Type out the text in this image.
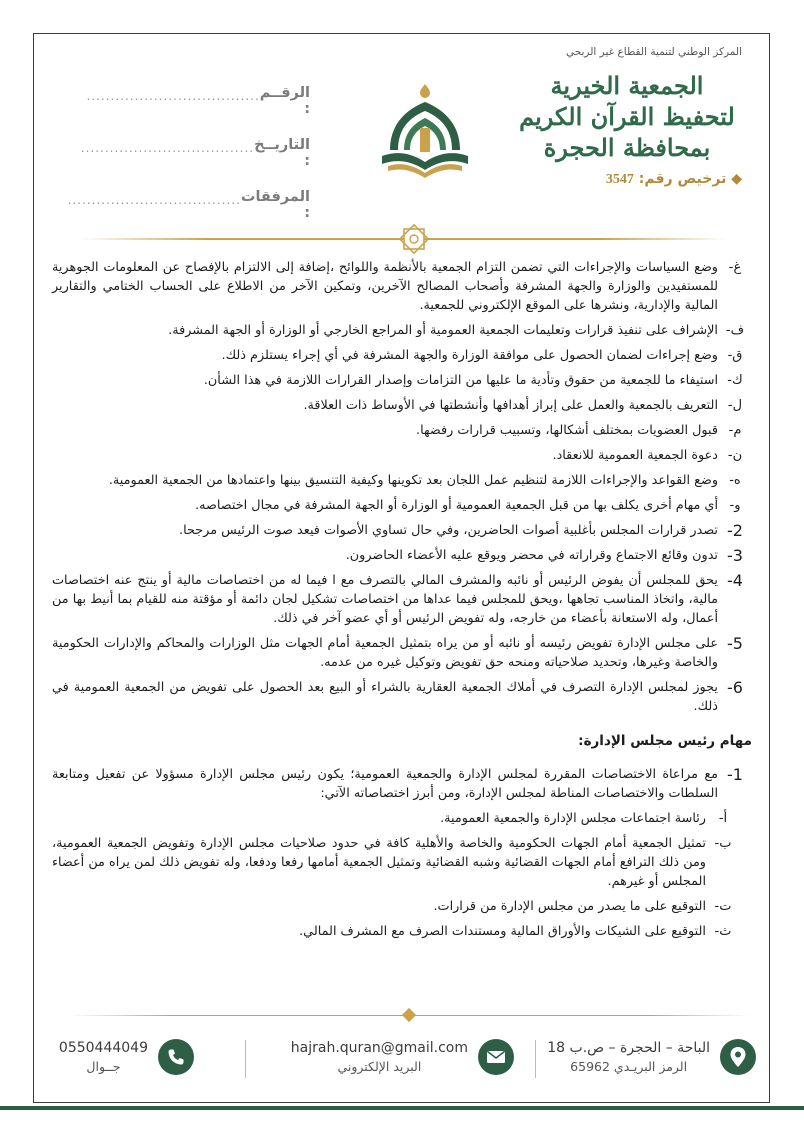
المركز الوطني لتنمية القطاع غير الربحي
الجمعية الخيرية
لتحفيظ القرآن الكريم
بمحافظة الحجرة
◆ ترخيص رقم: 3547
الرقــم :
....................................
التاريــخ :
....................................
المرفقات :
....................................
غ-
وضع السياسات والإجراءات التي تضمن التزام الجمعية بالأنظمة واللوائح ،إضافة إلى الالتزام بالإفصاح عن المعلومات الجوهرية للمستفيدين والوزارة والجهة المشرفة وأصحاب المصالح الآخرين، وتمكين الآخر من الاطلاع على الحساب الختامي والتقارير المالية والإدارية، ونشرها على الموقع الإلكتروني للجمعية.
ف-
الإشراف على تنفيذ قرارات وتعليمات الجمعية العمومية أو المراجع الخارجي أو الوزارة أو الجهة المشرفة.
ق-
وضع إجراءات لضمان الحصول على موافقة الوزارة والجهة المشرفة في أي إجراء يستلزم ذلك.
ك-
استيفاء ما للجمعية من حقوق وتأدية ما عليها من التزامات وإصدار القرارات اللازمة في هذا الشأن.
ل-
التعريف بالجمعية والعمل على إبراز أهدافها وأنشطتها في الأوساط ذات العلاقة.
م-
قبول العضويات بمختلف أشكالها، وتسبيب قرارات رفضها.
ن-
دعوة الجمعية العمومية للانعقاد.
ه-
وضع القواعد والإجراءات اللازمة لتنظيم عمل اللجان بعد تكوينها وكيفية التنسيق بينها واعتمادها من الجمعية العمومية.
و-
أي مهام أخرى يكلف بها من قبل الجمعية العمومية أو الوزارة أو الجهة المشرفة في مجال اختصاصه.
2-
تصدر قرارات المجلس بأغلبية أصوات الحاضرين، وفي حال تساوي الأصوات فيعد صوت الرئيس مرجحا.
3-
تدون وقائع الاجتماع وقراراته في محضر ويوقع عليه الأعضاء الحاضرون.
4-
يحق للمجلس أن يفوض الرئيس أو نائبه والمشرف المالي بالتصرف مع ا فيما له من اختصاصات مالية أو ينتج عنه اختصاصات مالية، واتخاذ المناسب تجاهها ،ويحق للمجلس فيما عداها من اختصاصات تشكيل لجان دائمة أو مؤقتة منه للقيام بما أنيط بها من أعمال، وله الاستعانة بأعضاء من خارجه، وله تفويض الرئيس أو أي عضو آخر في ذلك.
5-
على مجلس الإدارة تفويض رئيسه أو نائبه أو من يراه بتمثيل الجمعية أمام الجهات مثل الوزارات والمحاكم والإدارات الحكومية والخاصة وغيرها، وتحديد صلاحياته ومنحه حق تفويض وتوكيل غيره من عدمه.
6-
يجوز لمجلس الإدارة التصرف في أملاك الجمعية العقارية بالشراء أو البيع بعد الحصول على تفويض من الجمعية العمومية في ذلك.
مهام رئيس مجلس الإدارة:
1-
مع مراعاة الاختصاصات المقررة لمجلس الإدارة والجمعية العمومية؛ يكون رئيس مجلس الإدارة مسؤولا عن تفعيل ومتابعة السلطات والاختصاصات المناطة لمجلس الإدارة، ومن أبرز اختصاصاته الآتي:
أ-
رئاسة اجتماعات مجلس الإدارة والجمعية العمومية.
ب-
تمثيل الجمعية أمام الجهات الحكومية والخاصة والأهلية كافة في حدود صلاحيات مجلس الإدارة وتفويض الجمعية العمومية، ومن ذلك الترافع أمام الجهات القضائية وشبه القضائية وتمثيل الجمعية أمامها رفعا ودفعا، وله تفويض ذلك لمن يراه من أعضاء المجلس أو غيرهم.
ت-
التوقيع على ما يصدر من مجلس الإدارة من قرارات.
ث-
التوقيع على الشيكات والأوراق المالية ومستندات الصرف مع المشرف المالي.
الباحة – الحجرة – ص.ب 18
الرمز البريـدي 65962
hajrah.quran@gmail.com
البريد الإلكتروني
0550444049
جــوال
